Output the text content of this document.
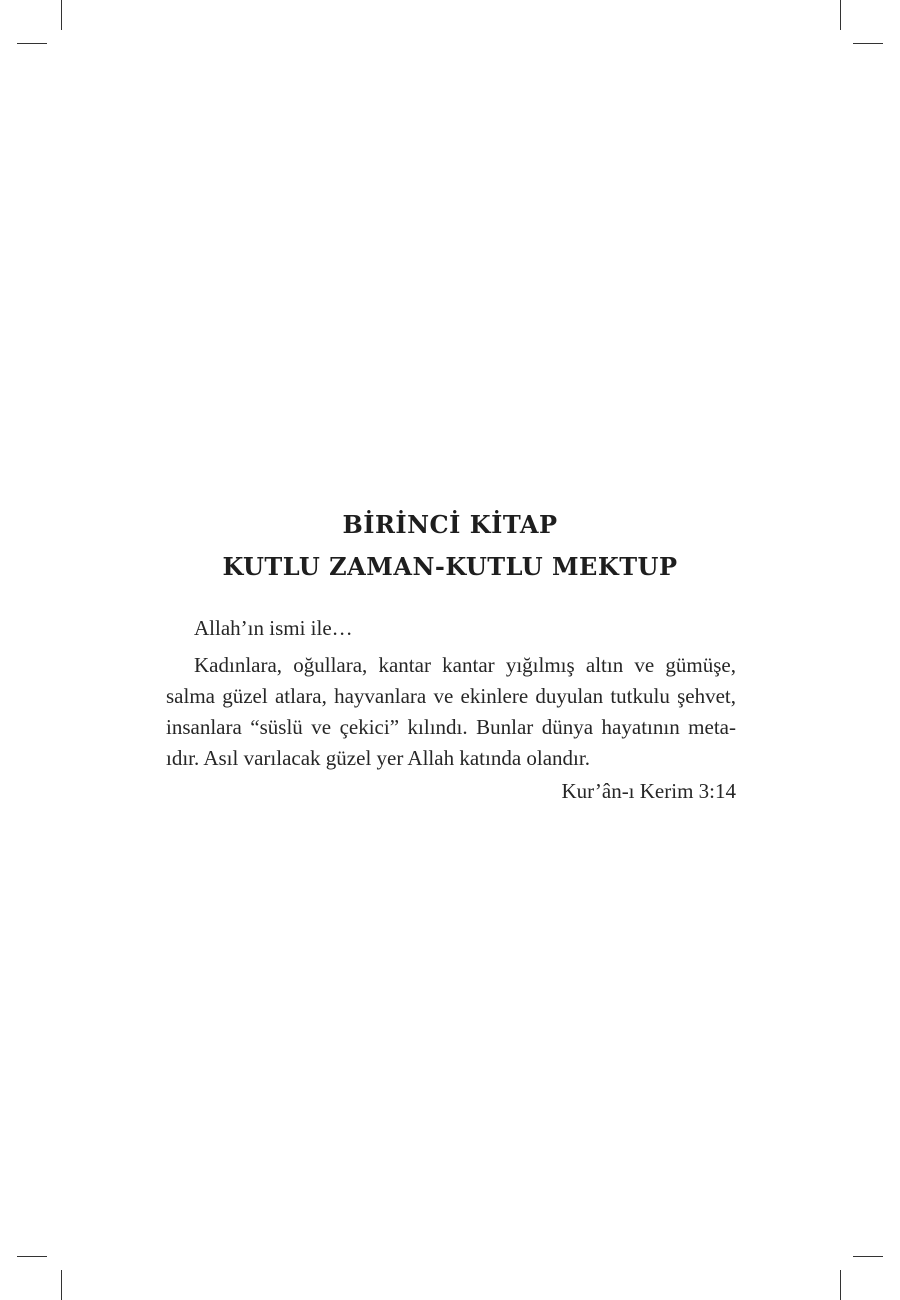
BİRİNCİ KİTAP
KUTLU ZAMAN-KUTLU MEKTUP

Allah’ın ismi ile…

Kadınlara, oğullara, kantar kantar yığılmış altın ve gümüşe,
salma güzel atlara, hayvanlara ve ekinlere duyulan tutkulu şehvet,
insanlara “süslü ve çekici” kılındı. Bunlar dünya hayatının meta-
ıdır. Asıl varılacak güzel yer Allah katında olandır.
Kur’ân-ı Kerim 3:14
